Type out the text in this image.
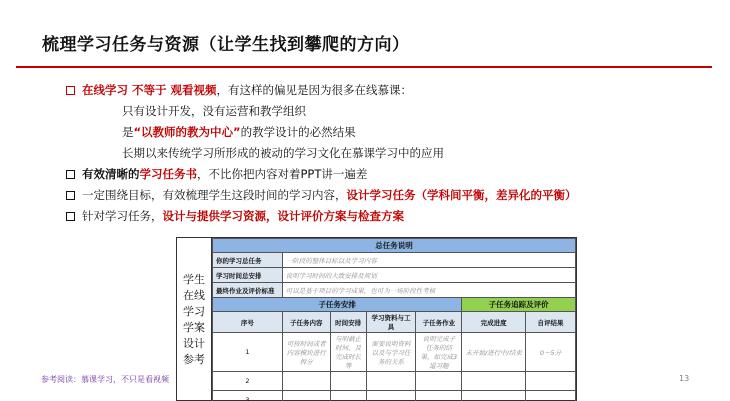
梳理学习任务与资源（让学生找到攀爬的方向）
在线学习 不等于 观看视频，有这样的偏见是因为很多在线慕课：
只有设计开发，没有运营和教学组织
是“以教师的教为中心”的教学设计的必然结果
长期以来传统学习所形成的被动的学习文化在慕课学习中的应用
有效清晰的学习任务书，不比你把内容对着PPT讲一遍差
一定围绕目标，有效梳理学生这段时间的学习内容，设计学习任务（学科间平衡，差异化的平衡）
针对学习任务，设计与提供学习资源，设计评价方案与检查方案
学生在线学习学案设计参考
总任务说明						
你的学习总任务	一阶段的整体目标以及学习内容					
学习时间总安排	说明学习时间的大致安排及规划					
最终作业及评价标准	可以是基于项目的学习成果，也可为一场阶段性考核					
子任务安排					子任务追踪及评价	
序号	子任务内容	时间安排	学习资料与工具	子任务作业	完成进度	自评结果
1	可按时间或者内容模块进行拆分	与明截止时间，及完成时长等	需要说明资料以及与学习任务的关系	说明完成子任务的结果，如完成3道习题	未开始/进行中/结束	0～5分
2						
3						
参考阅读：慕课学习，不只是看视频	13
